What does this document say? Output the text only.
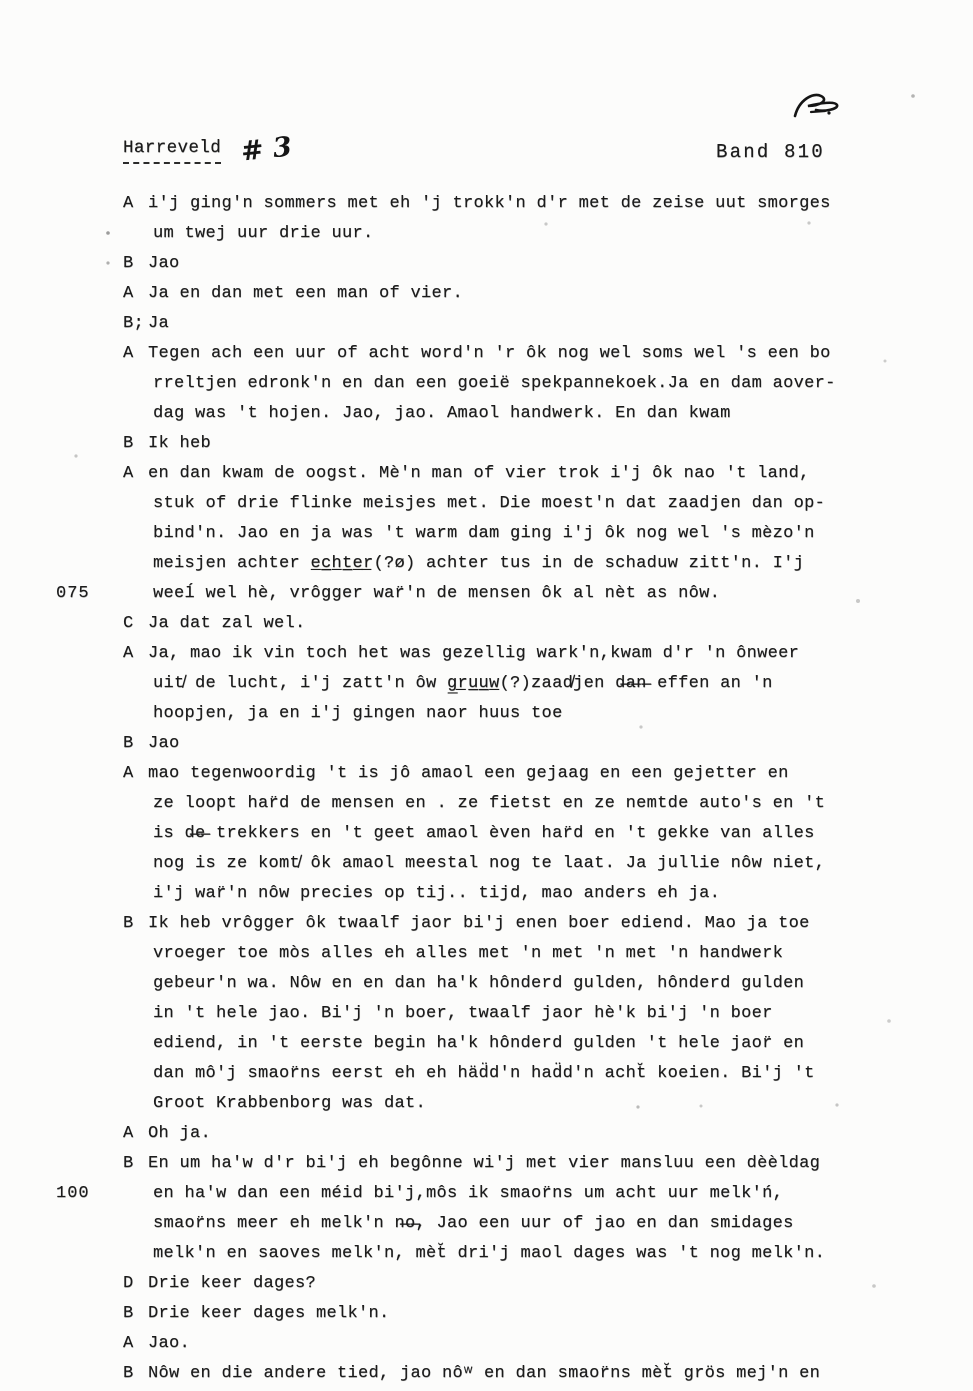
Harreveld # 3	Band 810
A i'j ging'n sommers met eh 'j trokk'n d'r met de zeise uut smorges
um twej uur drie uur.
B Jao
A Ja en dan met een man of vier.
B; Ja
A Tegen ach een uur of acht word'n 'r ôk nog wel soms wel 's een bo
rreltjen edronk'n en dan een goeië spekpannekoek.Ja en dam aover-
dag was 't hojen. Jao, jao. Amaol handwerk. En dan kwam
B Ik heb
A en dan kwam de oogst. Mè'n man of vier trok i'j ôk nao 't land,
stuk of drie flinke meisjes met. Die moest'n dat zaadjen dan op-
bind'n. Jao en ja was 't warm dam ging i'j ôk nog wel 's mèzo'n
meisjen achter e̲c̲h̲t̲e̲r̲(?ø) achter tus in de schaduw zitt'n. I'j
075	weeĺ wel hè, vrôgger war̈'n de mensen ôk al nèt as nôw.
C Ja dat zal wel.
A Ja, mao ik vin toch het was gezellig wark'n,kwam d'r 'n ônweer
uit̸ de lucht, i'j zatt'n ôw g̲r̲u̲u̲w̲(?)zaad̸jen d̶a̶n̶ effen an 'n
hoopjen, ja en i'j gingen naor huus toe
B Jao
A mao tegenwoordig 't is jô amaol een gejaag en een gejetter en
ze loopt har̈d de mensen en . ze fietst en ze nemtde auto's en 't
is d̶e̶ trekkers en 't geet amaol èven har̈d en 't gekke van alles
nog is ze komt̸ ôk amaol meestal nog te laat. Ja jullie nôw niet,
i'j war̈'n nôw precies op tij.. tijd, mao anders eh ja.
B Ik heb vrôgger ôk twaalf jaor bi'j enen boer ediend. Mao ja toe
vroeger toe mòs alles eh alles met 'n met 'n met 'n handwerk
gebeur'n wa. Nôw en en dan ha'k hônderd gulden, hônderd gulden
in 't hele jao. Bi'j 'n boer, twaalf jaor hè'k bi'j 'n boer
ediend, in 't eerste begin ha'k hônderd gulden 't hele jaor̈ en
dan mô'j smaor̈ns eerst eh eh häd̈d'n had̈d'n acht̆ koeien. Bi'j 't
Groot Krabbenborg was dat.
A Oh ja.
B En um ha'w d'r bi'j eh begônne wi'j met vier mansluu een dèèldag
100	en ha'w dan een méid bi'j,môs ik smaor̈ns um acht uur melk'ń,
smaor̈ns meer eh melk'n n̶o̶, Jao een uur of jao en dan smidages
melk'n en saoves melk'n, mèt̆ dri'j maol dages was 't nog melk'n.
D Drie keer dages?
B Drie keer dages melk'n.
A Jao.
B Nôw en die andere tied, jao nôʷ en dan smaor̈ns mèt̆ grös mej'n en
